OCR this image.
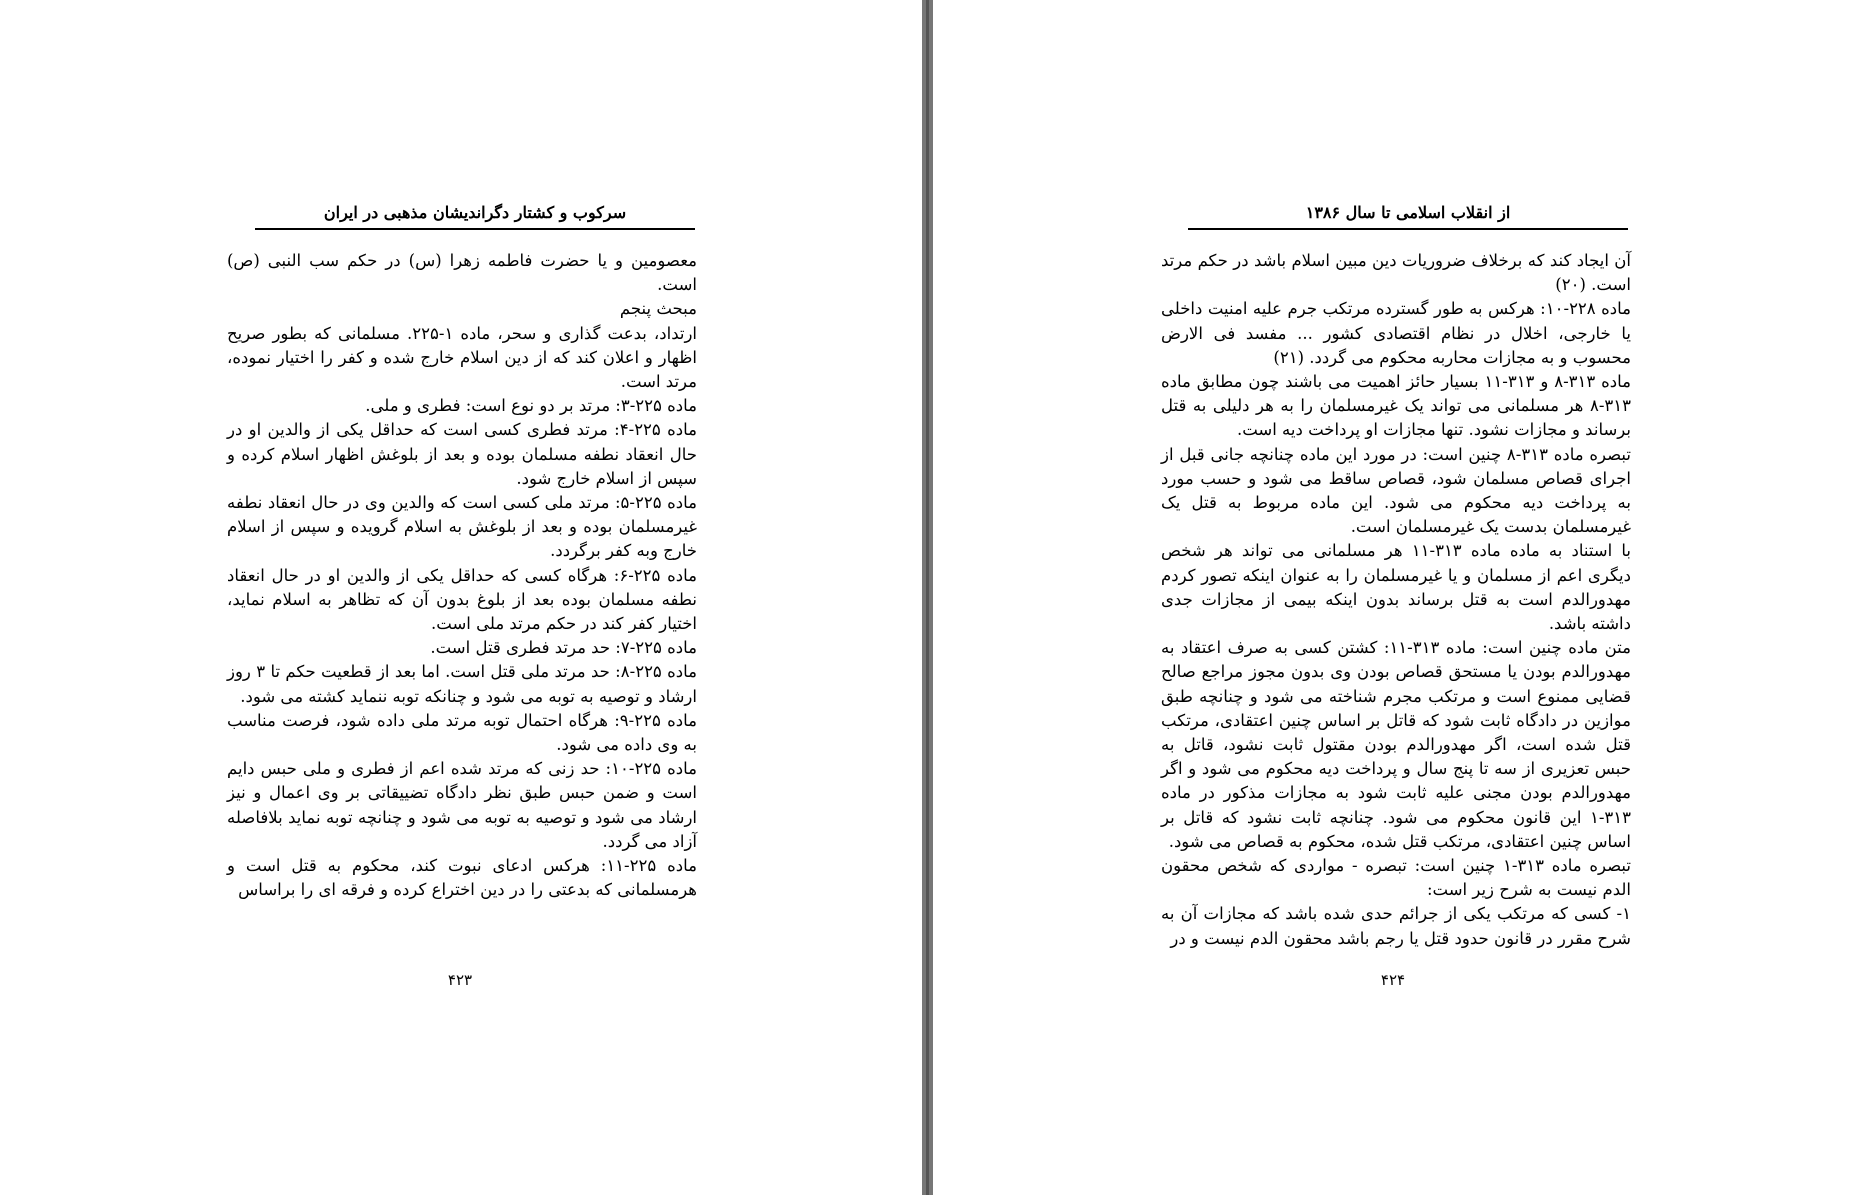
سرکوب و کشتار دگراندیشان مذهبی در ایران

معصومین و یا حضرت فاطمه زهرا (س) در حکم سب النبی (ص) است.

مبحث پنجم

ارتداد، بدعت گذاری و سحر، ماده ۱-۲۲۵. مسلمانی که بطور صریح اظهار و اعلان کند که از دین اسلام خارج شده و کفر را اختیار نموده، مرتد است.

ماده ۲۲۵-۳: مرتد بر دو نوع است: فطری و ملی.

ماده ۲۲۵-۴: مرتد فطری کسی است که حداقل یکی از والدین او در حال انعقاد نطفه مسلمان بوده و بعد از بلوغش اظهار اسلام کرده و سپس از اسلام خارج شود.

ماده ۲۲۵-۵: مرتد ملی کسی است که والدین وی در حال انعقاد نطفه غیرمسلمان بوده و بعد از بلوغش به اسلام گرویده و سپس از اسلام خارج وبه کفر برگردد.

ماده ۲۲۵-۶: هرگاه کسی که حداقل یکی از والدین او در حال انعقاد نطفه مسلمان بوده بعد از بلوغ بدون آن که تظاهر به اسلام نماید، اختیار کفر کند در حکم مرتد ملی است.

ماده ۲۲۵-۷: حد مرتد فطری قتل است.

ماده ۲۲۵-۸: حد مرتد ملی قتل است. اما بعد از قطعیت حکم تا ۳ روز ارشاد و توصیه به توبه می شود و چنانکه توبه ننماید کشته می شود.

ماده ۲۲۵-۹: هرگاه احتمال توبه مرتد ملی داده شود، فرصت مناسب به وی داده می شود.

ماده ۲۲۵-۱۰: حد زنی که مرتد شده اعم از فطری و ملی حبس دایم است و ضمن حبس طبق نظر دادگاه تضییقاتی بر وی اعمال و نیز ارشاد می شود و توصیه به توبه می شود و چنانچه توبه نماید بلافاصله آزاد می گردد.

ماده ۲۲۵-۱۱: هرکس ادعای نبوت کند، محکوم به قتل است و هرمسلمانی که بدعتی را در دین اختراع کرده و فرقه ای را براساس

۴۲۳
از انقلاب اسلامی تا سال ۱۳۸۶

آن ایجاد کند که برخلاف ضروریات دین مبین اسلام باشد در حکم مرتد است. (۲۰)

ماده ۲۲۸-۱۰: هرکس به طور گسترده مرتکب جرم علیه امنیت داخلی یا خارجی، اخلال در نظام اقتصادی کشور ... مفسد فی الارض محسوب و به مجازات محاربه محکوم می گردد. (۲۱)

ماده ۳۱۳-۸ و ۳۱۳-۱۱ بسیار حائز اهمیت می باشند چون مطابق ماده ۳۱۳-۸ هر مسلمانی می تواند یک غیرمسلمان را به هر دلیلی به قتل برساند و مجازات نشود. تنها مجازات او پرداخت دیه است.

تبصره ماده ۳۱۳-۸ چنین است: در مورد این ماده چنانچه جانی قبل از اجرای قصاص مسلمان شود، قصاص ساقط می شود و حسب مورد به پرداخت دیه محکوم می شود. این ماده مربوط به قتل یک غیرمسلمان بدست یک غیرمسلمان است.

با استناد به ماده ماده ۳۱۳-۱۱ هر مسلمانی می تواند هر شخص دیگری اعم از مسلمان و یا غیرمسلمان را به عنوان اینکه تصور کردم مهدورالدم است به قتل برساند بدون اینکه بیمی از مجازات جدی داشته باشد.

متن ماده چنین است: ماده ۳۱۳-۱۱: کشتن کسی به صرف اعتقاد به مهدورالدم بودن یا مستحق قصاص بودن وی بدون مجوز مراجع صالح قضایی ممنوع است و مرتکب مجرم شناخته می شود و چنانچه طبق موازین در دادگاه ثابت شود که قاتل بر اساس چنین اعتقادی، مرتکب قتل شده است، اگر مهدورالدم بودن مقتول ثابت نشود، قاتل به حبس تعزیری از سه تا پنج سال و پرداخت دیه محکوم می شود و اگر مهدورالدم بودن مجنی علیه ثابت شود به مجازات مذکور در ماده ۳۱۳-۱ این قانون محکوم می شود. چنانچه ثابت نشود که قاتل بر اساس چنین اعتقادی، مرتکب قتل شده، محکوم به قصاص می شود.

تبصره ماده ۳۱۳-۱ چنین است: تبصره - مواردی که شخص محقون الدم نیست به شرح زیر است:

۱- کسی که مرتکب یکی از جرائم حدی شده باشد که مجازات آن به شرح مقرر در قانون حدود قتل یا رجم باشد محقون الدم نیست و در

۴۲۴
